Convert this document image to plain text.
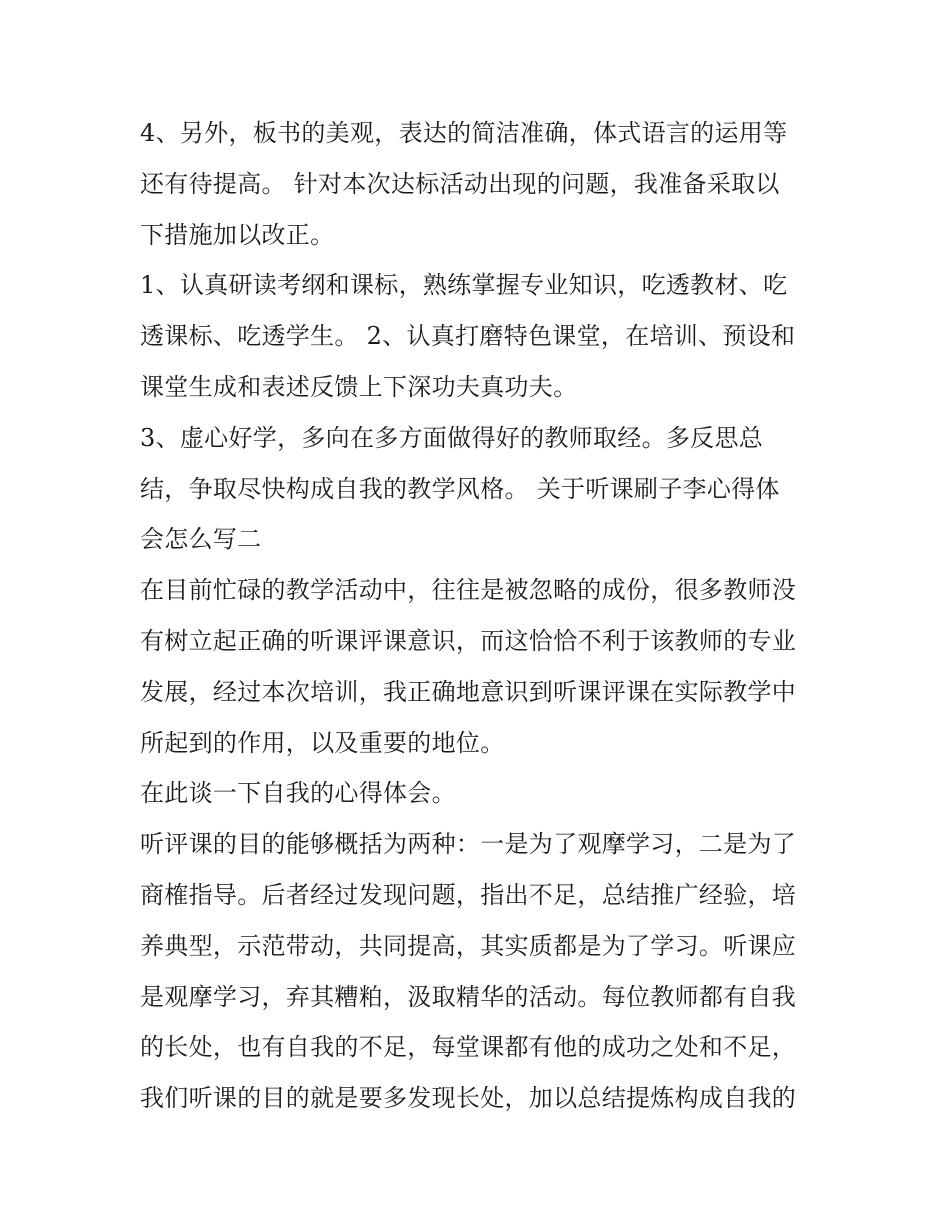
4、另外，板书的美观，表达的简洁准确，体式语言的运用等
还有待提高。 针对本次达标活动出现的问题，我准备采取以
下措施加以改正。
1、认真研读考纲和课标，熟练掌握专业知识，吃透教材、吃
透课标、吃透学生。 2、认真打磨特色课堂，在培训、预设和
课堂生成和表述反馈上下深功夫真功夫。
3、虚心好学，多向在多方面做得好的教师取经。多反思总
结，争取尽快构成自我的教学风格。 关于听课刷子李心得体
会怎么写二
在目前忙碌的教学活动中，往往是被忽略的成份，很多教师没
有树立起正确的听课评课意识，而这恰恰不利于该教师的专业
发展，经过本次培训，我正确地意识到听课评课在实际教学中
所起到的作用，以及重要的地位。
在此谈一下自我的心得体会。
听评课的目的能够概括为两种：一是为了观摩学习，二是为了
商榷指导。后者经过发现问题，指出不足，总结推广经验，培
养典型，示范带动，共同提高，其实质都是为了学习。听课应
是观摩学习，弃其糟粕，汲取精华的活动。每位教师都有自我
的长处，也有自我的不足，每堂课都有他的成功之处和不足，
我们听课的目的就是要多发现长处，加以总结提炼构成自我的
